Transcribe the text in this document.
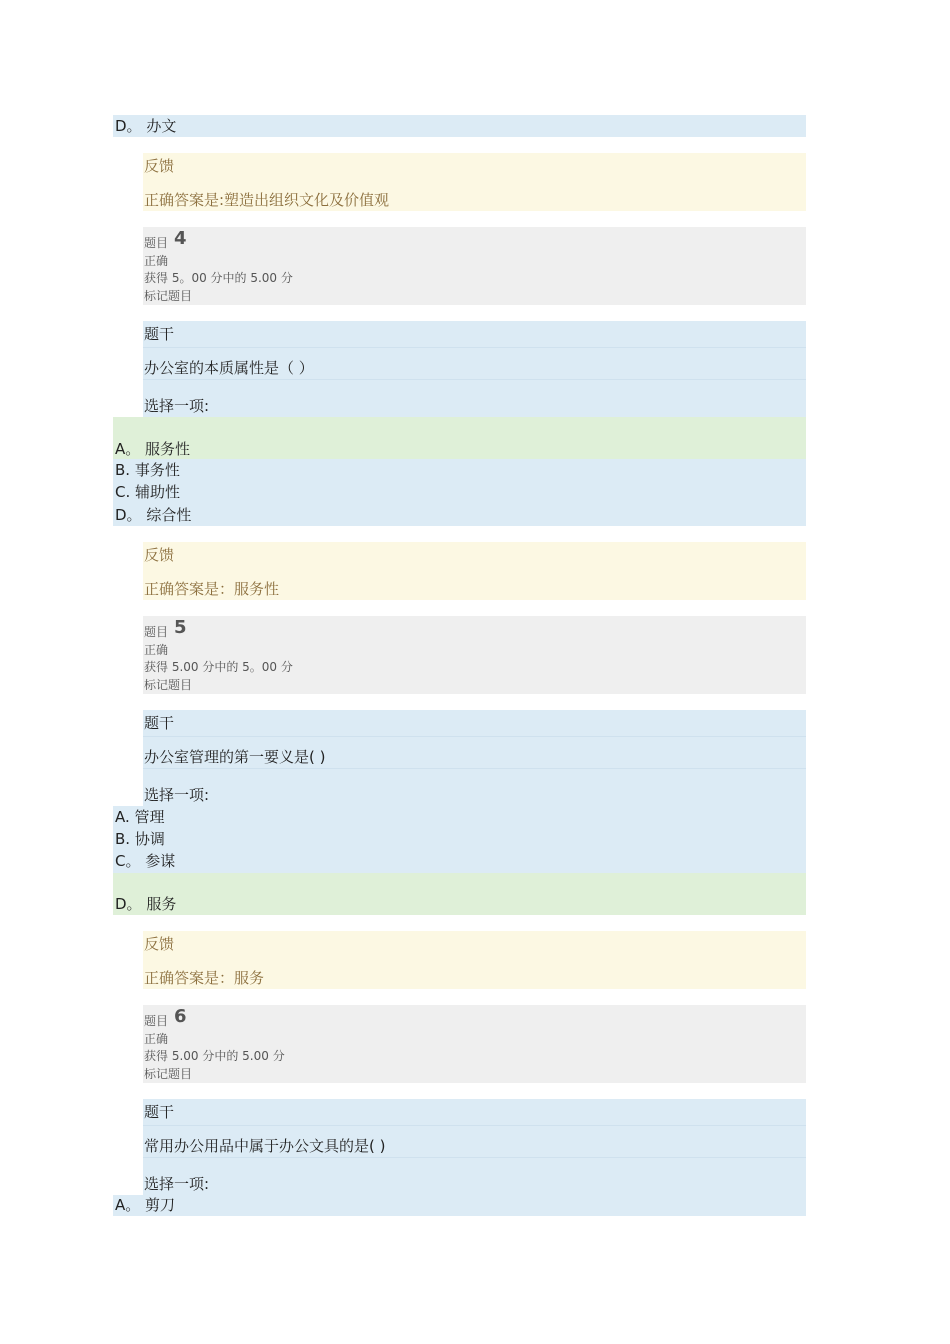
D。 办文
反馈
正确答案是:塑造出组织文化及价值观
题目 4
正确
获得 5。00 分中的 5.00 分
标记题目
题干
办公室的本质属性是（ ）
选择一项:
A。 服务性
B. 事务性
C. 辅助性
D。 综合性
反馈
正确答案是：服务性
题目 5
正确
获得 5.00 分中的 5。00 分
标记题目
题干
办公室管理的第一要义是( )
选择一项:
A. 管理
B. 协调
C。 参谋
D。 服务
反馈
正确答案是：服务
题目 6
正确
获得 5.00 分中的 5.00 分
标记题目
题干
常用办公用品中属于办公文具的是( )
选择一项:
A。 剪刀
